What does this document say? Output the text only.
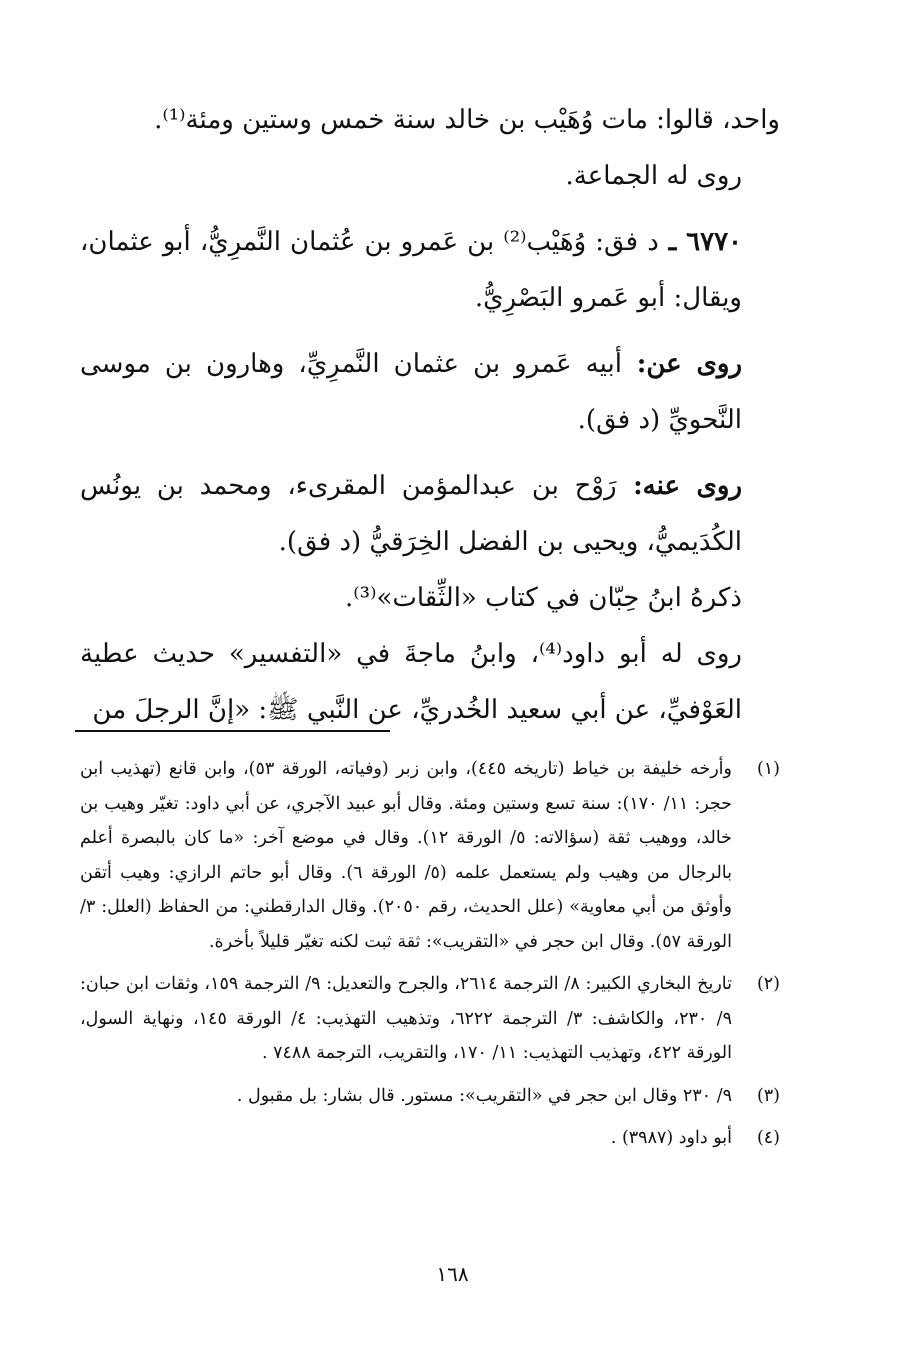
واحد، قالوا: مات وُهَيْب بن خالد سنة خمس وستين ومئة⁽¹⁾.

روى له الجماعة.

٦٧٧٠ ـ د فق: وُهَيْب⁽²⁾ بن عَمرو بن عُثمان النَّمرِيُّ، أبو عثمان، ويقال: أبو عَمرو البَصْرِيُّ.

روى عن: أبيه عَمرو بن عثمان النَّمرِيِّ، وهارون بن موسى النَّحويِّ (د فق).

روى عنه: رَوْح بن عبدالمؤمن المقرىء، ومحمد بن يونُس الكُدَيميُّ، ويحيى بن الفضل الخِرَقيُّ (د فق).

ذكرهُ ابنُ حِبّان في كتاب «الثِّقات»⁽³⁾.

روى له أبو داود⁽⁴⁾، وابنُ ماجةَ في «التفسير» حديث عطية العَوْفيِّ، عن أبي سعيد الخُدريِّ، عن النَّبي ﷺ: «إنَّ الرجلَ من

(١)
وأرخه خليفة بن خياط (تاريخه ٤٤٥)، وابن زبر (وفياته، الورقة ٥٣)، وابن قانع (تهذيب ابن حجر: ١١/ ١٧٠): سنة تسع وستين ومئة. وقال أبو عبيد الآجري، عن أبي داود: تغيّر وهيب بن خالد، ووهيب ثقة (سؤالاته: ٥/ الورقة ١٢). وقال في موضع آخر: «ما كان بالبصرة أعلم بالرجال من وهيب ولم يستعمل علمه (٥/ الورقة ٦). وقال أبو حاتم الرازي: وهيب أتقن وأوثق من أبي معاوية» (علل الحديث، رقم ٢٠٥٠). وقال الدارقطني: من الحفاظ (العلل: ٣/ الورقة ٥٧). وقال ابن حجر في «التقريب»: ثقة ثبت لكنه تغيّر قليلاً بأخرة.
(٢)
تاريخ البخاري الكبير: ٨/ الترجمة ٢٦١٤، والجرح والتعديل: ٩/ الترجمة ١٥٩، وثقات ابن حبان: ٩/ ٢٣٠، والكاشف: ٣/ الترجمة ٦٢٢٢، وتذهيب التهذيب: ٤/ الورقة ١٤٥، ونهاية السول، الورقة ٤٢٢، وتهذيب التهذيب: ١١/ ١٧٠، والتقريب، الترجمة ٧٤٨٨ .
(٣)
٩/ ٢٣٠ وقال ابن حجر في «التقريب»: مستور. قال بشار: بل مقبول .
(٤)
أبو داود (٣٩٨٧) .
١٦٨
